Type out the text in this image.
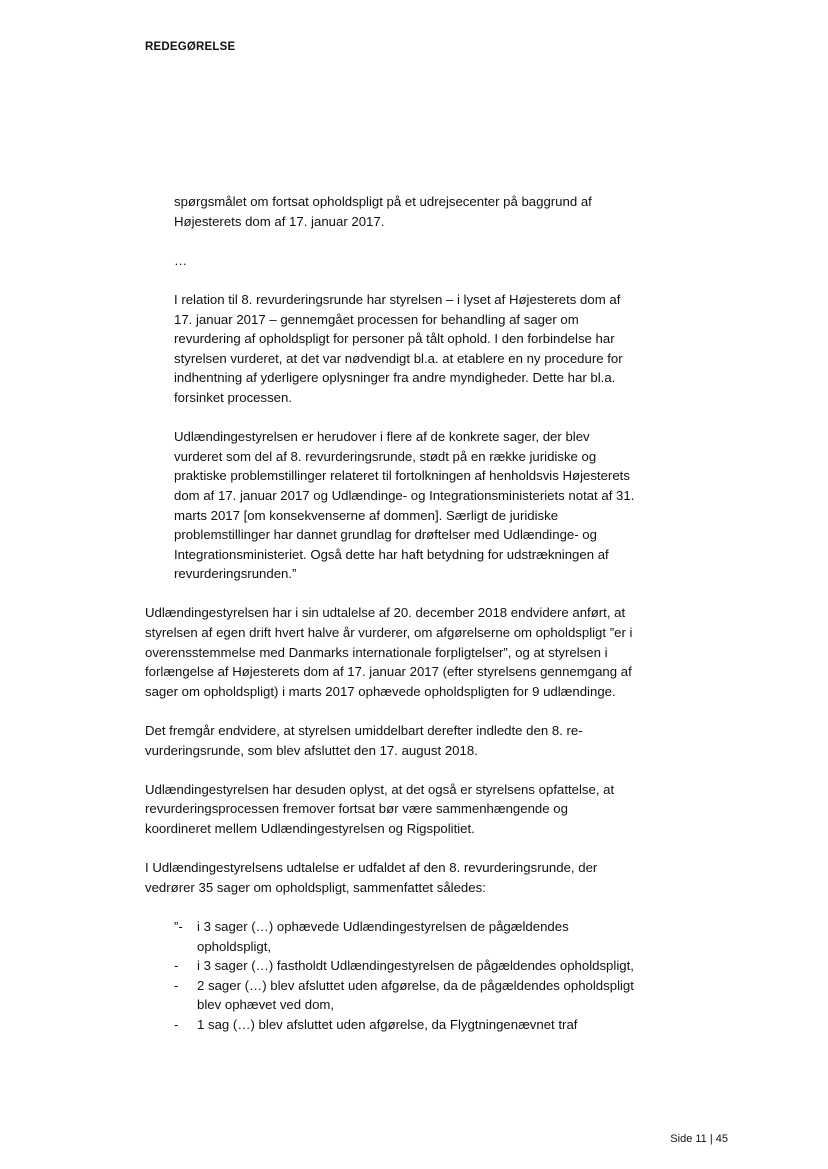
REDEGØRELSE

spørgsmålet om fortsat opholdspligt på et udrejsecenter på baggrund af Højesterets dom af 17. januar 2017.

…

I relation til 8. revurderingsrunde har styrelsen – i lyset af Højesterets dom af 17. januar 2017 – gennemgået processen for behandling af sager om revurdering af opholdspligt for personer på tålt ophold. I den forbindelse har styrelsen vurderet, at det var nødvendigt bl.a. at etablere en ny procedure for indhentning af yderligere oplysninger fra andre myndigheder. Dette har bl.a. forsinket processen.

Udlændingestyrelsen er herudover i flere af de konkrete sager, der blev vurderet som del af 8. revurderingsrunde, stødt på en række juridiske og praktiske problemstillinger relateret til fortolkningen af henholdsvis Højesterets dom af 17. januar 2017 og Udlændinge- og Integrationsministeriets notat af 31. marts 2017 [om konsekvenserne af dommen]. Særligt de juridiske problemstillinger har dannet grundlag for drøftelser med Udlændinge- og Integrationsministeriet. Også dette har haft betydning for udstrækningen af revurderingsrunden.”

Udlændingestyrelsen har i sin udtalelse af 20. december 2018 endvidere anført, at styrelsen af egen drift hvert halve år vurderer, om afgørelserne om opholdspligt ”er i overensstemmelse med Danmarks internationale forpligtelser”, og at styrelsen i forlængelse af Højesterets dom af 17. januar 2017 (efter styrelsens gennemgang af sager om opholdspligt) i marts 2017 ophævede opholdspligten for 9 udlændinge.

Det fremgår endvidere, at styrelsen umiddelbart derefter indledte den 8. revurderingsrunde, som blev afsluttet den 17. august 2018.

Udlændingestyrelsen har desuden oplyst, at det også er styrelsens opfattelse, at revurderingsprocessen fremover fortsat bør være sammenhængende og koordineret mellem Udlændingestyrelsen og Rigspolitiet.

I Udlændingestyrelsens udtalelse er udfaldet af den 8. revurderingsrunde, der vedrører 35 sager om opholdspligt, sammenfattet således:

”- i 3 sager (…) ophævede Udlændingestyrelsen de pågældendes opholdspligt,
- i 3 sager (…) fastholdt Udlændingestyrelsen de pågældendes opholdspligt,
- 2 sager (…) blev afsluttet uden afgørelse, da de pågældendes opholdspligt blev ophævet ved dom,
- 1 sag (…) blev afsluttet uden afgørelse, da Flygtningenævnet traf
Side 11 | 45
